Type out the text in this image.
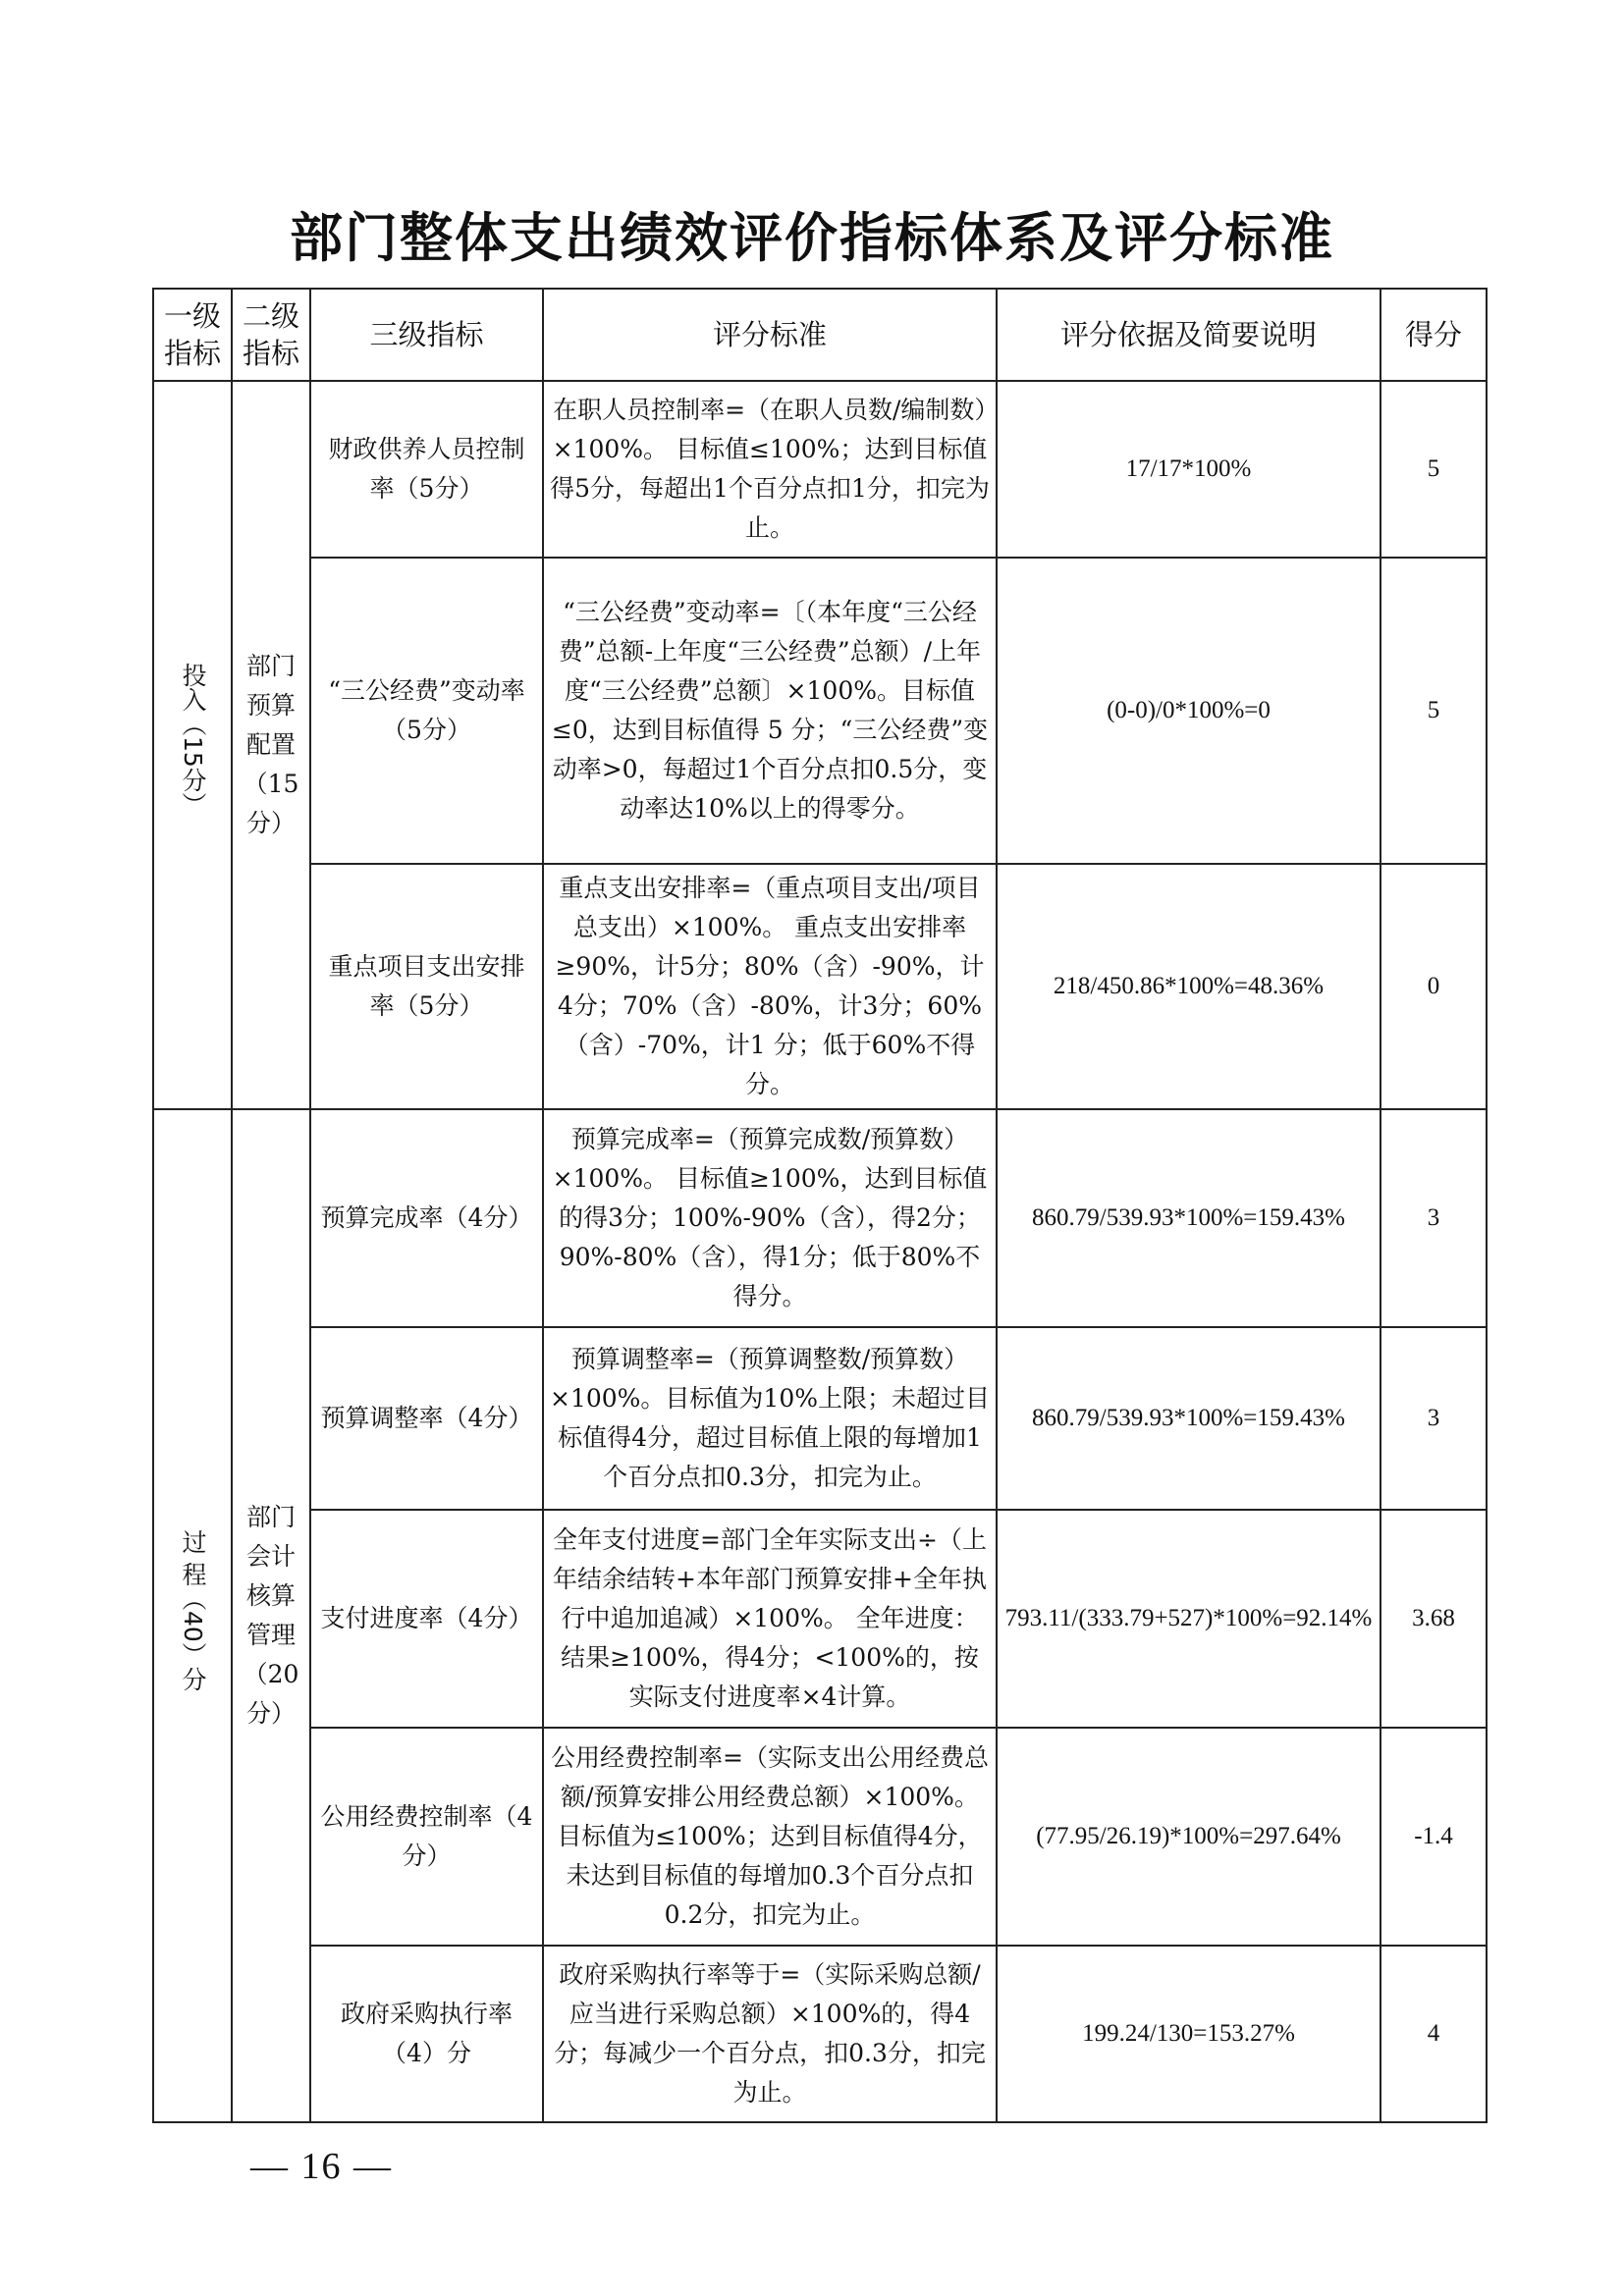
部门整体支出绩效评价指标体系及评分标准
一级指标	二级指标	三级指标	评分标准	评分依据及简要说明	得分
投入（15分）	部门预算配置（15分）	财政供养人员控制率（5分）	在职人员控制率=（在职人员数/编制数）×100%。 目标值≤100%；达到目标值得5分，每超出1个百分点扣1分，扣完为止。	17/17*100%	5
		“三公经费”变动率（5分）	“三公经费”变动率=〔（本年度“三公经费”总额-上年度“三公经费”总额）/上年度“三公经费”总额〕×100%。目标值≤0，达到目标值得 5 分；“三公经费”变动率>0，每超过1个百分点扣0.5分，变动率达10%以上的得零分。	(0-0)/0*100%=0	5
		重点项目支出安排率（5分）	重点支出安排率=（重点项目支出/项目总支出）×100%。 重点支出安排率≥90%，计5分；80%（含）-90%，计4分；70%（含）-80%，计3分；60%（含）-70%，计1 分；低于60%不得分。	218/450.86*100%=48.36%	0
过 程（40）分	部门会计核算管理（20分）	预算完成率（4分）	预算完成率=（预算完成数/预算数）×100%。 目标值≥100%，达到目标值的得3分；100%-90%（含），得2分；90%-80%（含），得1分；低于80%不得分。	860.79/539.93*100%=159.43%	3
		预算调整率（4分）	预算调整率=（预算调整数/预算数）×100%。目标值为10%上限；未超过目标值得4分，超过目标值上限的每增加1个百分点扣0.3分，扣完为止。	860.79/539.93*100%=159.43%	3
		支付进度率（4分）	全年支付进度=部门全年实际支出÷（上年结余结转+本年部门预算安排+全年执行中追加追减）×100%。 全年进度：结果≥100%，得4分；<100%的，按实际支付进度率×4计算。	793.11/(333.79+527)*100%=92.14%	3.68
		公用经费控制率（4分）	公用经费控制率=（实际支出公用经费总额/预算安排公用经费总额）×100%。 目标值为≤100%；达到目标值得4分，未达到目标值的每增加0.3个百分点扣0.2分，扣完为止。	(77.95/26.19)*100%=297.64%	-1.4
		政府采购执行率（4）分	政府采购执行率等于=（实际采购总额/应当进行采购总额）×100%的，得4分；每减少一个百分点，扣0.3分，扣完为止。	199.24/130=153.27%	4
— 16 —
